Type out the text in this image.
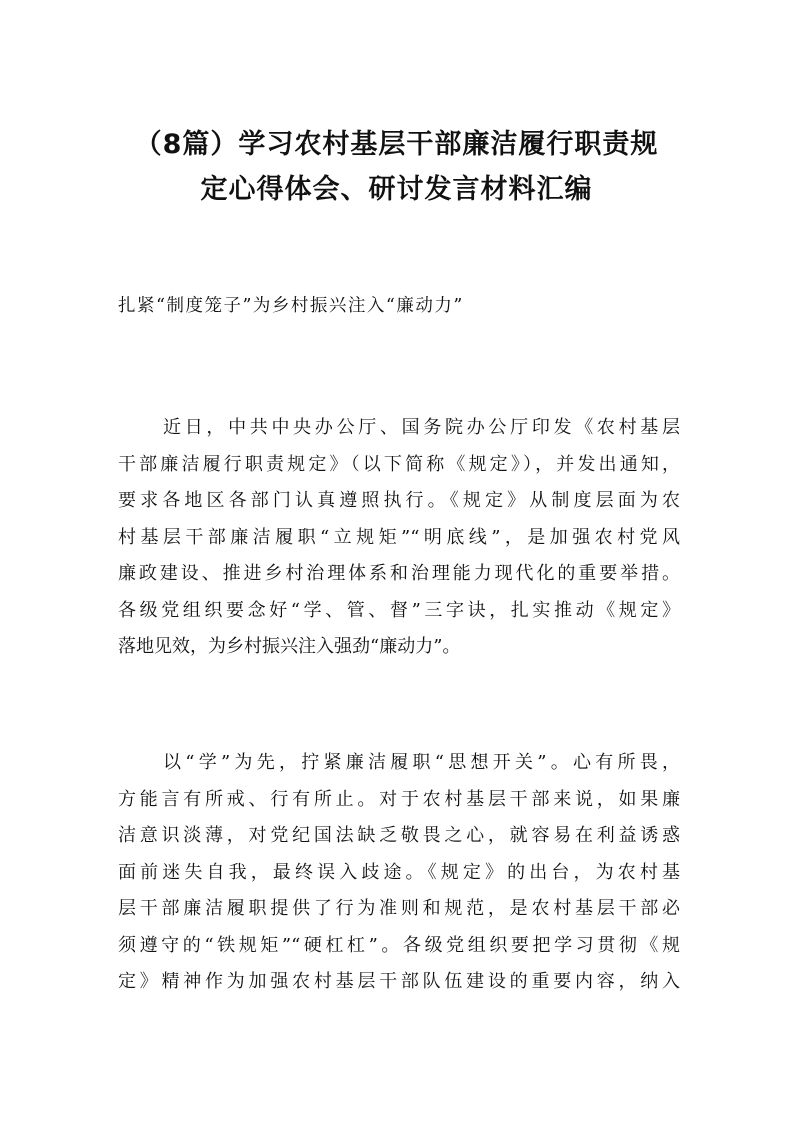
（8篇）学习农村基层干部廉洁履行职责规
定心得体会、研讨发言材料汇编
扎紧“制度笼子”为乡村振兴注入“廉动力”
近日，中共中央办公厅、国务院办公厅印发《农村基层
干部廉洁履行职责规定》（以下简称《规定》），并发出通知，
要求各地区各部门认真遵照执行。《规定》从制度层面为农
村基层干部廉洁履职“立规矩”“明底线”，是加强农村党风
廉政建设、推进乡村治理体系和治理能力现代化的重要举措。
各级党组织要念好“学、管、督”三字诀，扎实推动《规定》
落地见效，为乡村振兴注入强劲“廉动力”。
以“学”为先，拧紧廉洁履职“思想开关”。心有所畏，
方能言有所戒、行有所止。对于农村基层干部来说，如果廉
洁意识淡薄，对党纪国法缺乏敬畏之心，就容易在利益诱惑
面前迷失自我，最终误入歧途。《规定》的出台，为农村基
层干部廉洁履职提供了行为准则和规范，是农村基层干部必
须遵守的“铁规矩”“硬杠杠”。各级党组织要把学习贯彻《规
定》精神作为加强农村基层干部队伍建设的重要内容，纳入
